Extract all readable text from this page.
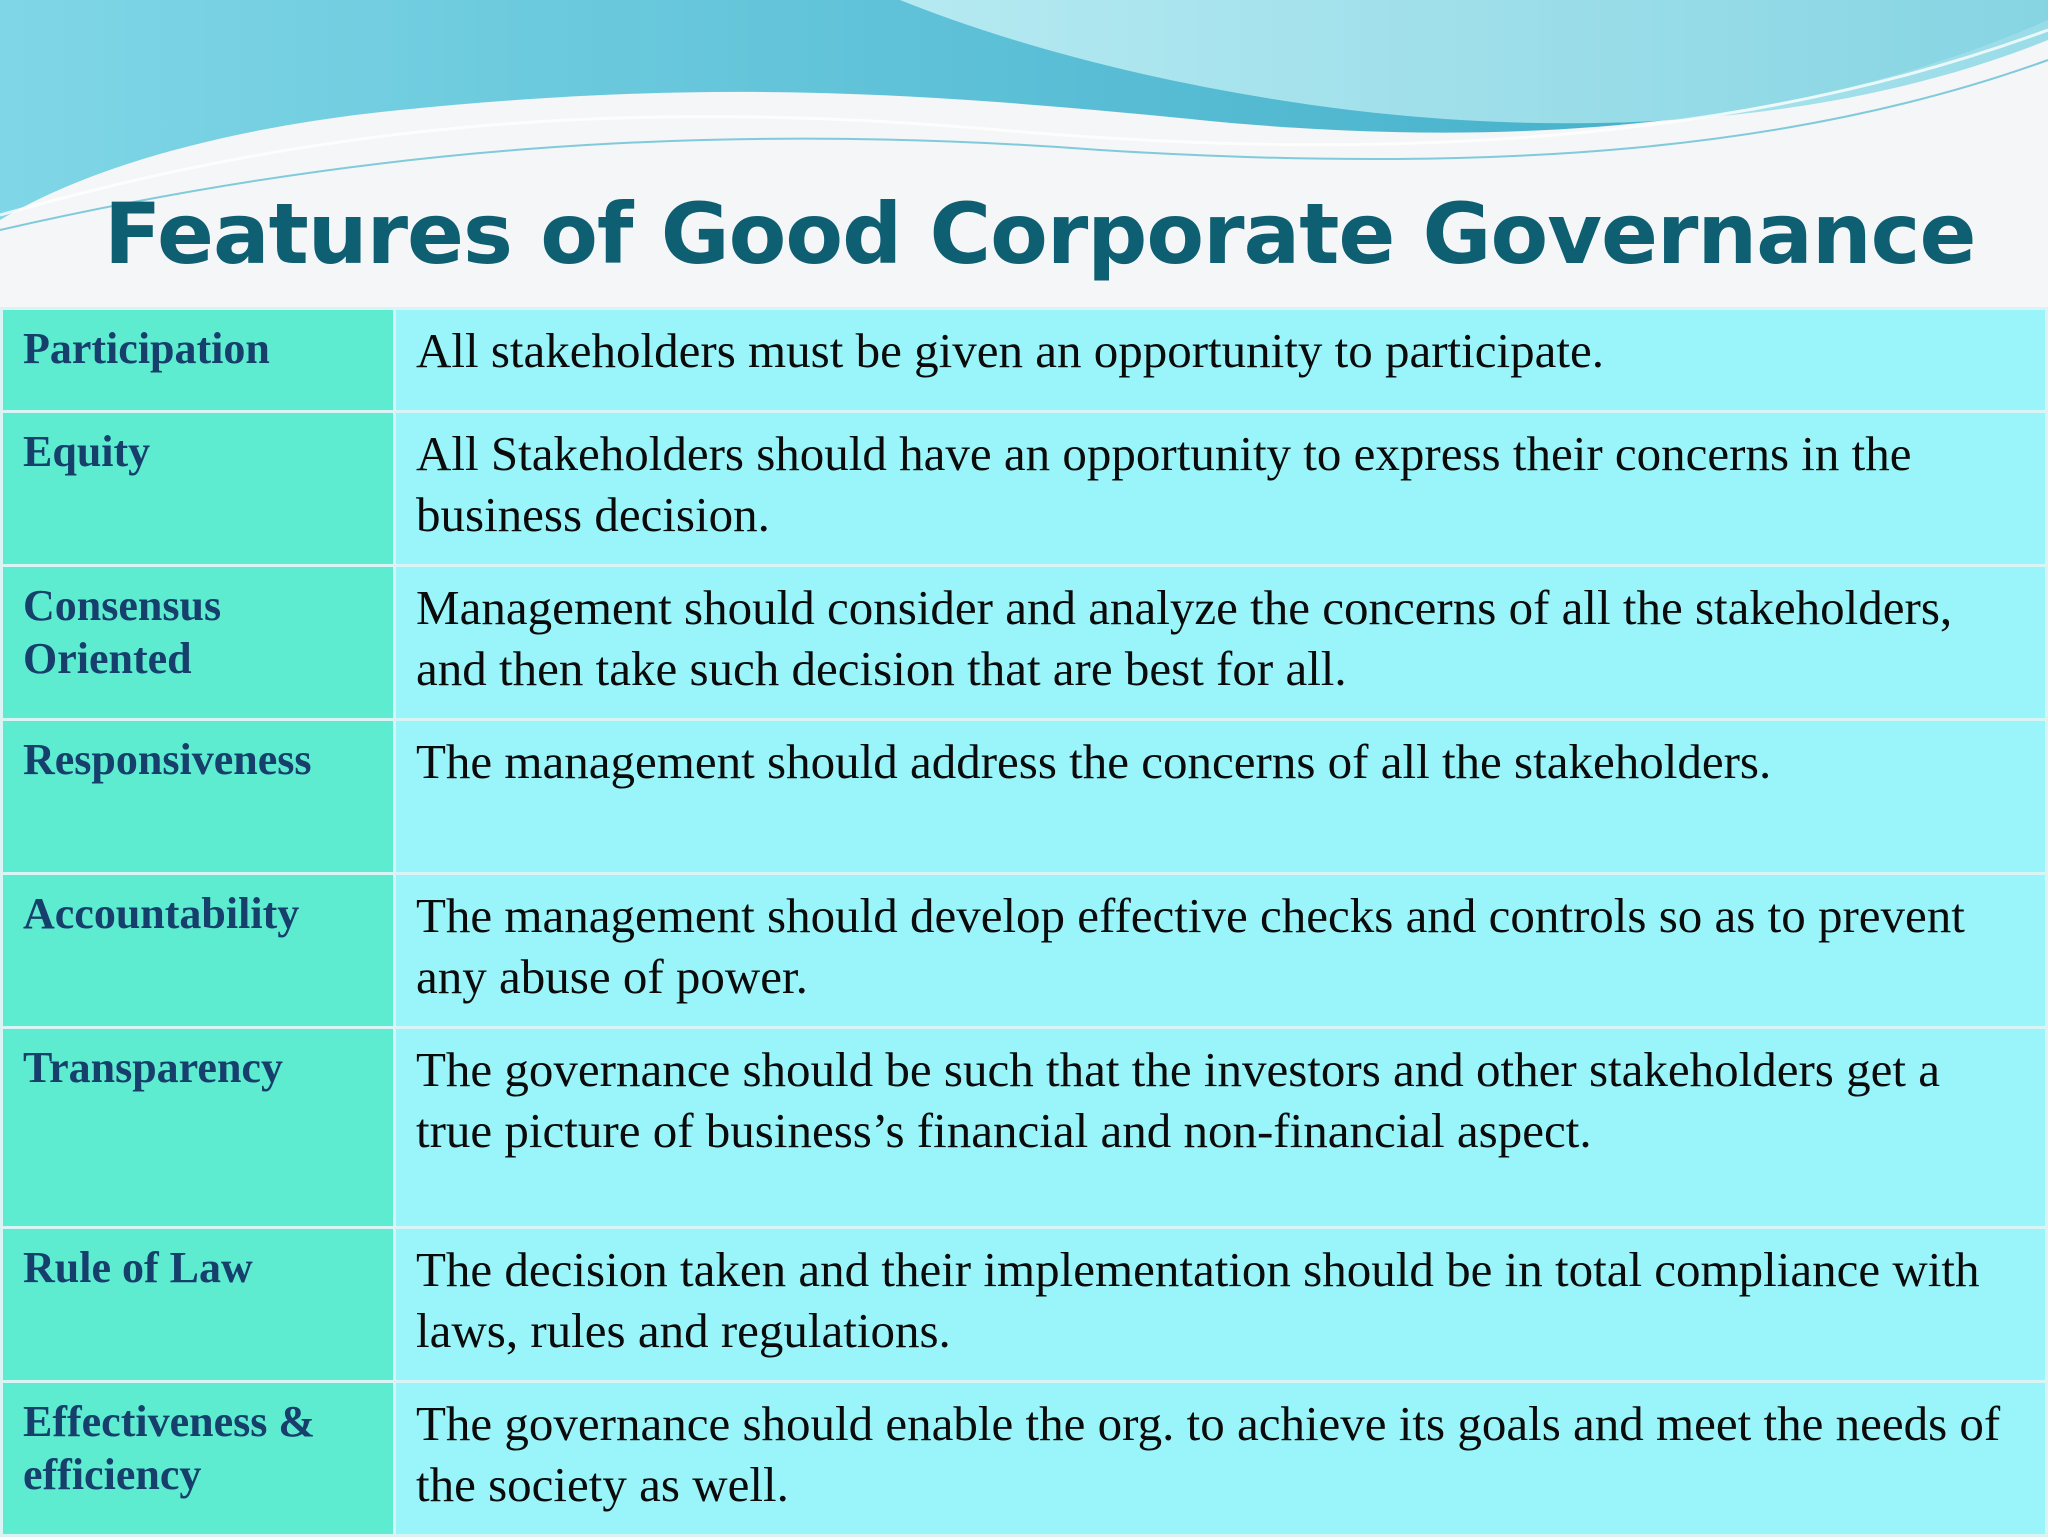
Features of Good Corporate Governance
Participation	All stakeholders must be given an opportunity to participate.

Equity	All Stakeholders should have an opportunity to express their concerns in the business decision.

Consensus Oriented	Management should consider and analyze the concerns of all the stakeholders, and then take such decision that are best for all.

Responsiveness	The management should address the concerns of all the stakeholders.

Accountability	The management should develop effective checks and controls so as to prevent any abuse of power.

Transparency	The governance should be such that the investors and other stakeholders get a true picture of business’s financial and non-financial aspect.

Rule of Law	The decision taken and their implementation should be in total compliance with laws, rules and regulations.

Effectiveness & efficiency	The governance should enable the org. to achieve its goals and meet the needs of the society as well.
